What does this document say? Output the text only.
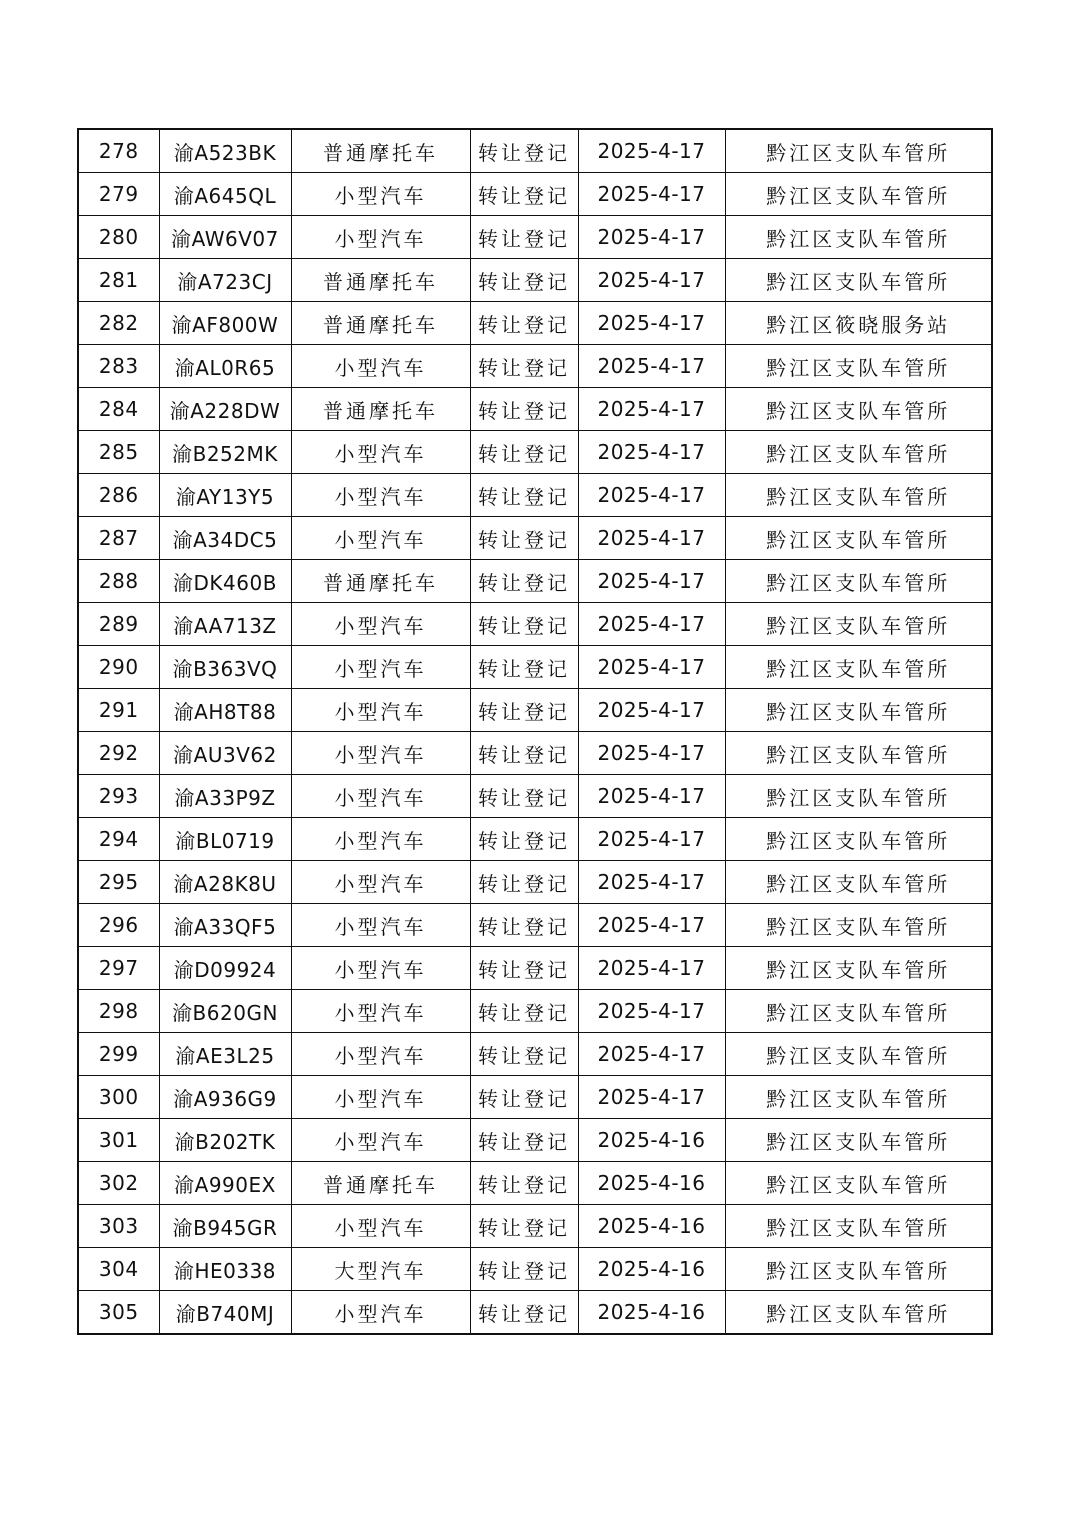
278	渝A523BK	普通摩托车	转让登记	2025-4-17	黔江区支队车管所
279	渝A645QL	小型汽车	转让登记	2025-4-17	黔江区支队车管所
280	渝AW6V07	小型汽车	转让登记	2025-4-17	黔江区支队车管所
281	渝A723CJ	普通摩托车	转让登记	2025-4-17	黔江区支队车管所
282	渝AF800W	普通摩托车	转让登记	2025-4-17	黔江区筱晓服务站
283	渝AL0R65	小型汽车	转让登记	2025-4-17	黔江区支队车管所
284	渝A228DW	普通摩托车	转让登记	2025-4-17	黔江区支队车管所
285	渝B252MK	小型汽车	转让登记	2025-4-17	黔江区支队车管所
286	渝AY13Y5	小型汽车	转让登记	2025-4-17	黔江区支队车管所
287	渝A34DC5	小型汽车	转让登记	2025-4-17	黔江区支队车管所
288	渝DK460B	普通摩托车	转让登记	2025-4-17	黔江区支队车管所
289	渝AA713Z	小型汽车	转让登记	2025-4-17	黔江区支队车管所
290	渝B363VQ	小型汽车	转让登记	2025-4-17	黔江区支队车管所
291	渝AH8T88	小型汽车	转让登记	2025-4-17	黔江区支队车管所
292	渝AU3V62	小型汽车	转让登记	2025-4-17	黔江区支队车管所
293	渝A33P9Z	小型汽车	转让登记	2025-4-17	黔江区支队车管所
294	渝BL0719	小型汽车	转让登记	2025-4-17	黔江区支队车管所
295	渝A28K8U	小型汽车	转让登记	2025-4-17	黔江区支队车管所
296	渝A33QF5	小型汽车	转让登记	2025-4-17	黔江区支队车管所
297	渝D09924	小型汽车	转让登记	2025-4-17	黔江区支队车管所
298	渝B620GN	小型汽车	转让登记	2025-4-17	黔江区支队车管所
299	渝AE3L25	小型汽车	转让登记	2025-4-17	黔江区支队车管所
300	渝A936G9	小型汽车	转让登记	2025-4-17	黔江区支队车管所
301	渝B202TK	小型汽车	转让登记	2025-4-16	黔江区支队车管所
302	渝A990EX	普通摩托车	转让登记	2025-4-16	黔江区支队车管所
303	渝B945GR	小型汽车	转让登记	2025-4-16	黔江区支队车管所
304	渝HE0338	大型汽车	转让登记	2025-4-16	黔江区支队车管所
305	渝B740MJ	小型汽车	转让登记	2025-4-16	黔江区支队车管所
